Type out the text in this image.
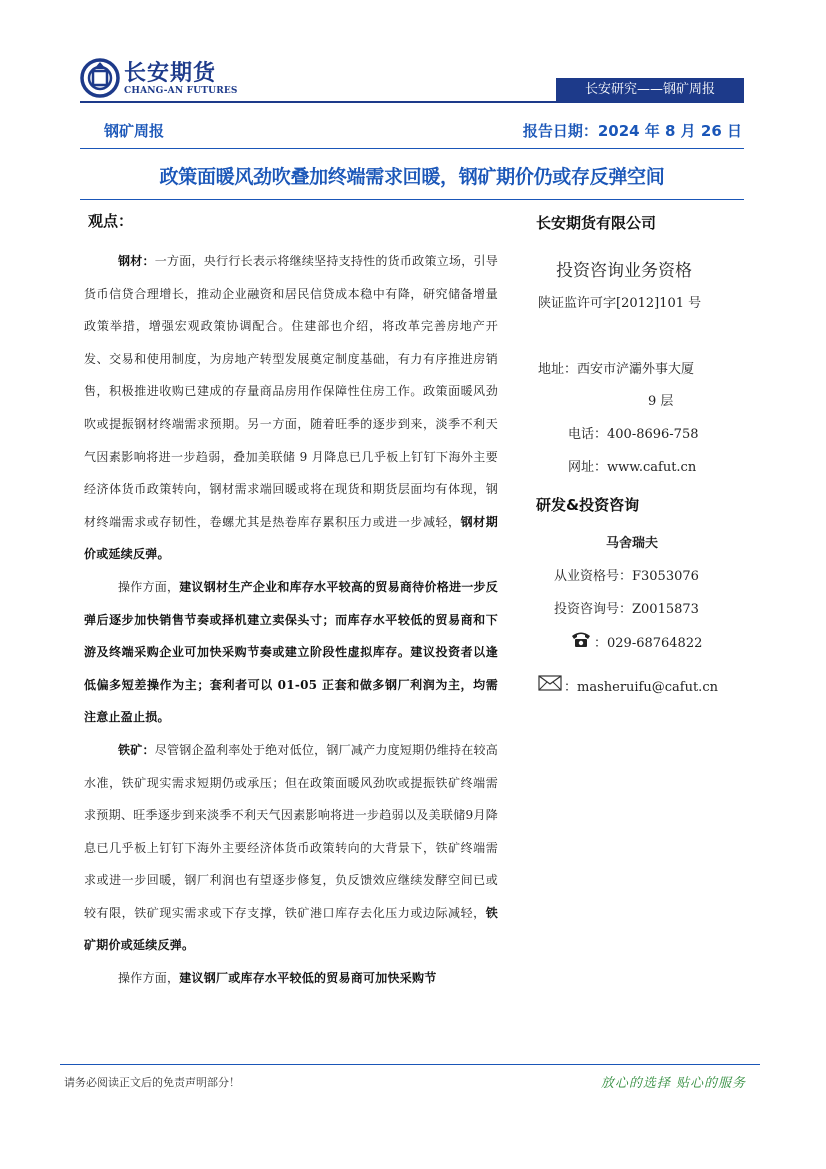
长安期货
CHANG-AN FUTURES	长安研究——钢矿周报
钢矿周报	报告日期：2024 年 8 月 26 日
政策面暖风劲吹叠加终端需求回暖，钢矿期价仍或存反弹空间
观点：

钢材：一方面，央行行长表示将继续坚持支持性的货币政策立场，引导货币信贷合理增长，推动企业融资和居民信贷成本稳中有降，研究储备增量政策举措，增强宏观政策协调配合。住建部也介绍，将改革完善房地产开发、交易和使用制度，为房地产转型发展奠定制度基础，有力有序推进房销售，积极推进收购已建成的存量商品房用作保障性住房工作。政策面暖风劲吹或提振钢材终端需求预期。另一方面，随着旺季的逐步到来，淡季不利天气因素影响将进一步趋弱，叠加美联储 9 月降息已几乎板上钉钉下海外主要经济体货币政策转向，钢材需求端回暖或将在现货和期货层面均有体现，钢材终端需求或存韧性，卷螺尤其是热卷库存累积压力或进一步减轻，钢材期价或延续反弹。

操作方面，建议钢材生产企业和库存水平较高的贸易商待价格进一步反弹后逐步加快销售节奏或择机建立卖保头寸；而库存水平较低的贸易商和下游及终端采购企业可加快采购节奏或建立阶段性虚拟库存。建议投资者以逢低偏多短差操作为主；套利者可以 01-05 正套和做多钢厂利润为主，均需注意止盈止损。

铁矿：尽管钢企盈利率处于绝对低位，钢厂减产力度短期仍维持在较高水准，铁矿现实需求短期仍或承压；但在政策面暖风劲吹或提振铁矿终端需求预期、旺季逐步到来淡季不利天气因素影响将进一步趋弱以及美联储9月降息已几乎板上钉钉下海外主要经济体货币政策转向的大背景下，铁矿终端需求或进一步回暖，钢厂利润也有望逐步修复，负反馈效应继续发酵空间已或较有限，铁矿现实需求或下存支撑，铁矿港口库存去化压力或边际减轻，铁矿期价或延续反弹。

操作方面，建议钢厂或库存水平较低的贸易商可加快采购节

长安期货有限公司
投资咨询业务资格
陕证监许可字[2012]101 号
地址：西安市浐灞外事大厦
9 层
电话：400-8696-758
网址：www.cafut.cn
研发&投资咨询
马舍瑞夫
从业资格号：F3053076
投资咨询号：Z0015873
：029-68764822
：masheruifu@cafut.cn
请务必阅读正文后的免责声明部分！	放心的选择 贴心的服务
